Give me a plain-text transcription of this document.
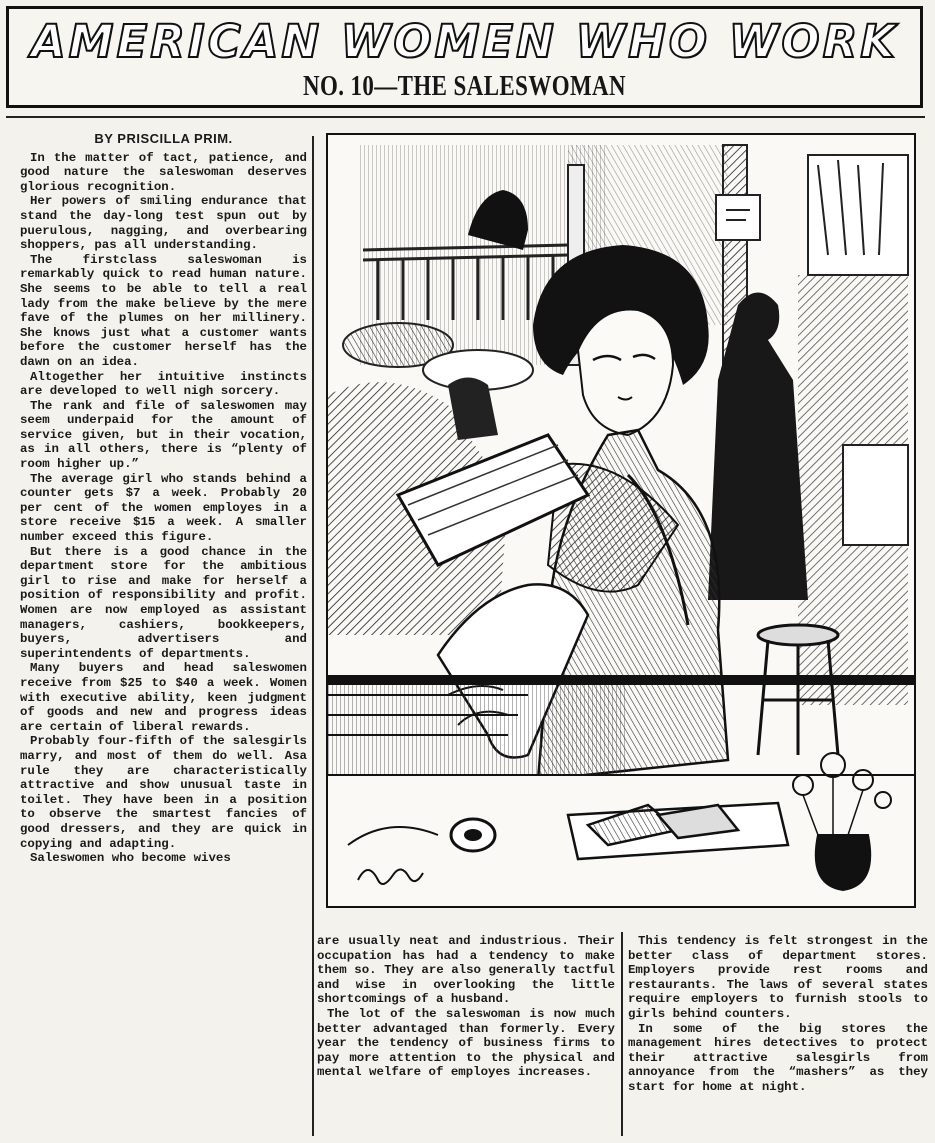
AMERICAN WOMEN WHO WORK
NO. 10—THE SALESWOMAN

BY PRISCILLA PRIM.

In the matter of tact, patience, and good nature the saleswoman deserves glorious recognition.

Her powers of smiling endurance that stand the day-long test spun out by puerulous, nagging, and overbearing shoppers, pas all understanding.

The firstclass saleswoman is remarkably quick to read human nature. She seems to be able to tell a real lady from the make believe by the mere fave of the plumes on her millinery. She knows just what a customer wants before the customer herself has the dawn on an idea.

Altogether her intuitive instincts are developed to well nigh sorcery.

The rank and file of saleswomen may seem underpaid for the amount of service given, but in their vocation, as in all others, there is “plenty of room higher up.”

The average girl who stands behind a counter gets $7 a week. Probably 20 per cent of the women employes in a store receive $15 a week. A smaller number exceed this figure.

But there is a good chance in the department store for the ambitious girl to rise and make for herself a position of responsibility and profit. Women are now employed as assistant managers, cashiers, bookkeepers, buyers, advertisers and superintendents of departments.

Many buyers and head saleswomen receive from $25 to $40 a week. Women with executive ability, keen judgment of goods and new and progress ideas are certain of liberal rewards.

Probably four-fifth of the salesgirls marry, and most of them do well. Asa rule they are characteristically attractive and show unusual taste in toilet. They have been in a position to observe the smartest fancies of good dressers, and they are quick in copying and adapting.

Saleswomen who become wives

are usually neat and industrious. Their occupation has had a tendency to make them so. They are also generally tactful and wise in overlooking the little shortcomings of a husband.

The lot of the saleswoman is now much better advantaged than formerly. Every year the tendency of business firms to pay more attention to the physical and mental welfare of employes increases.

This tendency is felt strongest in the better class of department stores. Employers provide rest rooms and restaurants. The laws of several states require employers to furnish stools to girls behind counters.

In some of the big stores the management hires detectives to protect their attractive salesgirls from annoyance from the “mashers” as they start for home at night.
